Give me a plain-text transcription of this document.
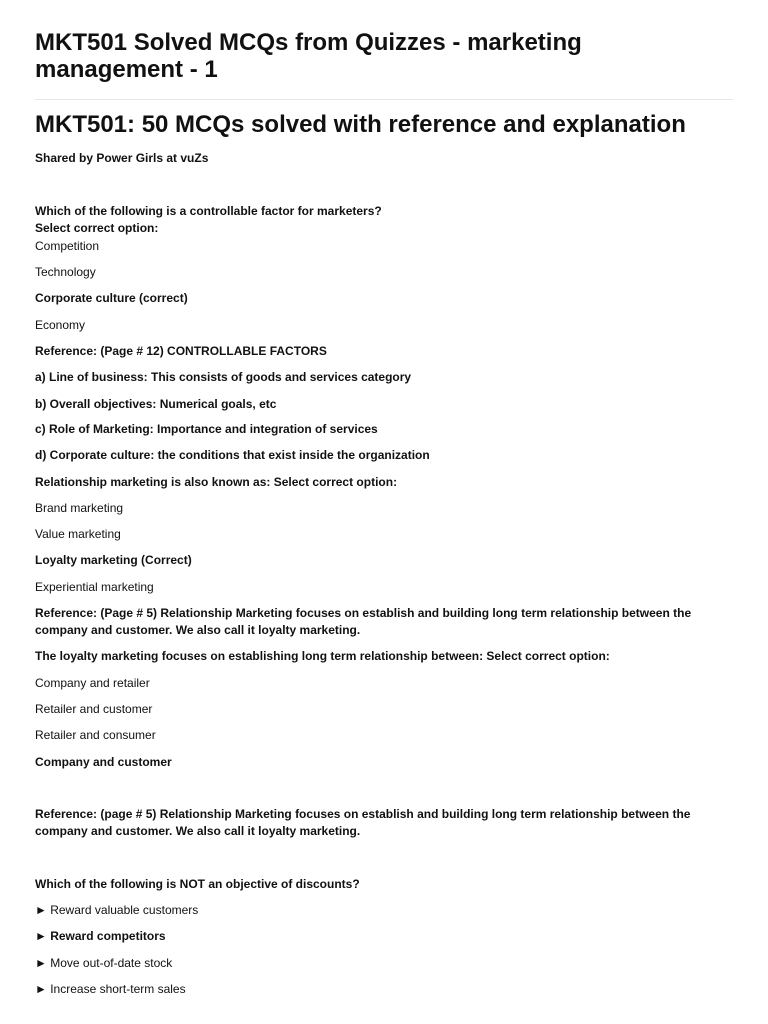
MKT501 Solved MCQs from Quizzes - marketing management - 1
MKT501: 50 MCQs solved with reference and explanation

Shared by Power Girls at vuZs

Which of the following is a controllable factor for marketers?

Select correct option:

Competition

Technology

Corporate culture (correct)

Economy

Reference: (Page # 12) CONTROLLABLE FACTORS

a) Line of business: This consists of goods and services category

b) Overall objectives: Numerical goals, etc

c) Role of Marketing: Importance and integration of services

d) Corporate culture: the conditions that exist inside the organization

Relationship marketing is also known as: Select correct option:

Brand marketing

Value marketing

Loyalty marketing (Correct)

Experiential marketing

Reference: (Page # 5) Relationship Marketing focuses on establish and building long term relationship between the company and customer. We also call it loyalty marketing.

The loyalty marketing focuses on establishing long term relationship between: Select correct option:

Company and retailer

Retailer and customer

Retailer and consumer

Company and customer

Reference: (page # 5) Relationship Marketing focuses on establish and building long term relationship between the company and customer. We also call it loyalty marketing.

Which of the following is NOT an objective of discounts?

► Reward valuable customers

► Reward competitors

► Move out-of-date stock

► Increase short-term sales
